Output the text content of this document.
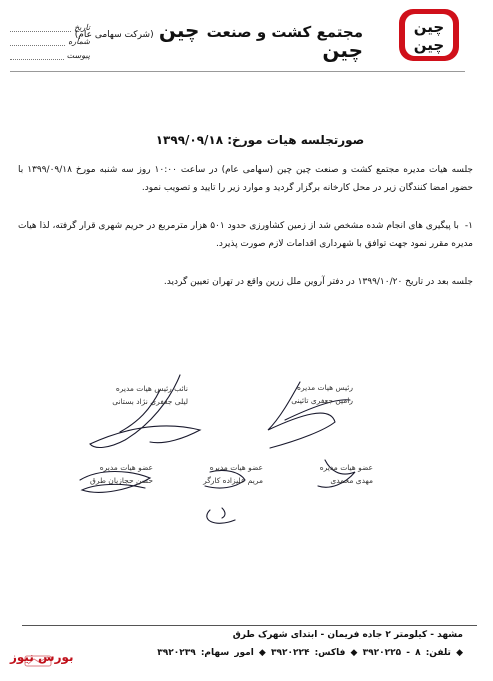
چین
چین
مجتمع کشت و صنعت چین (شرکت سهامی عام)
چین
تاریخ
شماره
پیوست
صورتجلسه هیات مورخ: ۱۳۹۹/۰۹/۱۸
جلسه هیات مدیره مجتمع کشت و صنعت چین چین (سهامی عام) در ساعت ۱۰:۰۰ روز سه شنبه مورخ ۱۳۹۹/۰۹/۱۸ با حضور امضا کنندگان زیر در محل کارخانه برگزار گردید و موارد زیر را تایید و تصویب نمود.
۱-با پیگیری های انجام شده مشخص شد از زمین کشاورزی حدود ۵۰۱ هزار مترمربع در حریم شهری قرار گرفته، لذا هیات مدیره مقرر نمود جهت توافق با شهرداری اقدامات لازم صورت پذیرد.
جلسه بعد در تاریخ ۱۳۹۹/۱۰/۲۰ در دفتر آروین ملل زرین واقع در تهران تعیین گردید.
رئیس هیات مدیره
رامین جعفری تائینی
نائب رئیس هیات مدیره
لیلی جعفری نژاد بستانی
عضو هیات مدیره
مهدی محمدی
عضو هیات مدیره
مریم علیزاده کارگر
عضو هیات مدیره
حسن حجازیان طرق
مشهد - کیلومتر ۲ جاده فریمان - ابتدای شهرک طرق
◆ تلفن: ۸ - ۳۹۲۰۲۲۵ ◆ فاکس: ۳۹۲۰۲۲۴ ◆ امور سهام: ۳۹۲۰۲۳۹
بورس نیوز
